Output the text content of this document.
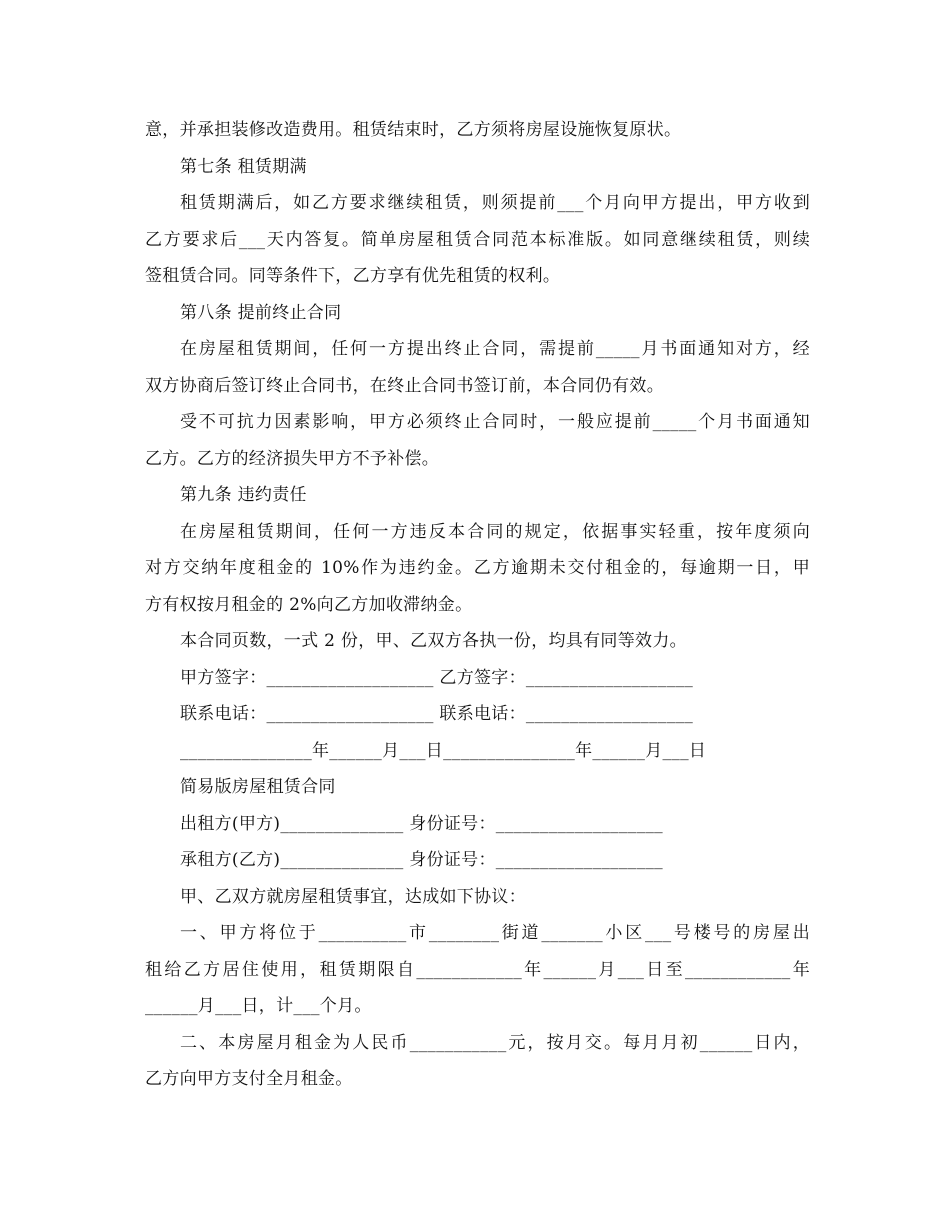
意，并承担装修改造费用。租赁结束时，乙方须将房屋设施恢复原状。
第七条 租赁期满
租赁期满后，如乙方要求继续租赁，则须提前___个月向甲方提出，甲方收到
乙方要求后___天内答复。简单房屋租赁合同范本标准版。如同意继续租赁，则续
签租赁合同。同等条件下，乙方享有优先租赁的权利。
第八条 提前终止合同
在房屋租赁期间，任何一方提出终止合同，需提前_____月书面通知对方，经
双方协商后签订终止合同书，在终止合同书签订前，本合同仍有效。
受不可抗力因素影响，甲方必须终止合同时，一般应提前_____个月书面通知
乙方。乙方的经济损失甲方不予补偿。
第九条 违约责任
在房屋租赁期间，任何一方违反本合同的规定，依据事实轻重，按年度须向
对方交纳年度租金的 10%作为违约金。乙方逾期未交付租金的，每逾期一日，甲
方有权按月租金的 2%向乙方加收滞纳金。
本合同页数，一式 2 份，甲、乙双方各执一份，均具有同等效力。
甲方签字：___________________ 乙方签字：___________________
联系电话：___________________ 联系电话：___________________
_______________年______月___日_______________年______月___日
简易版房屋租赁合同
出租方(甲方)______________ 身份证号：___________________
承租方(乙方)______________ 身份证号：___________________
甲、乙双方就房屋租赁事宜，达成如下协议：
一、甲方将位于__________市________街道_______小区___号楼号的房屋出
租给乙方居住使用，租赁期限自____________年______月___日至____________年
______月___日，计___个月。
二、本房屋月租金为人民币___________元，按月交。每月月初______日内，
乙方向甲方支付全月租金。
